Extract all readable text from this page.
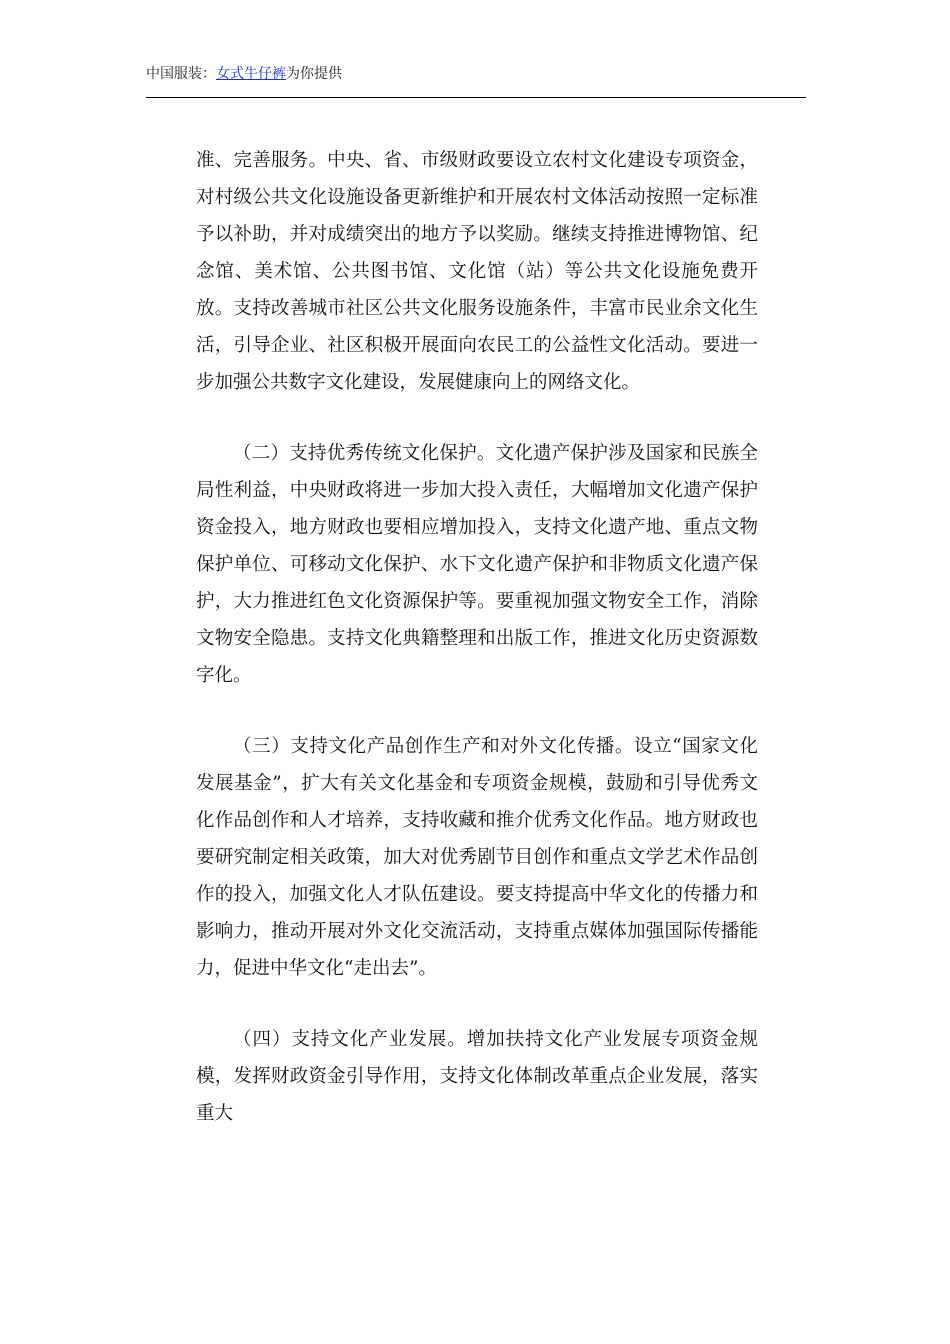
中国服装：女式牛仔裤为你提供

准、完善服务。中央、省、市级财政要设立农村文化建设专项资金，对村级公共文化设施设备更新维护和开展农村文体活动按照一定标准予以补助，并对成绩突出的地方予以奖励。继续支持推进博物馆、纪念馆、美术馆、公共图书馆、文化馆（站）等公共文化设施免费开放。支持改善城市社区公共文化服务设施条件，丰富市民业余文化生活，引导企业、社区积极开展面向农民工的公益性文化活动。要进一步加强公共数字文化建设，发展健康向上的网络文化。

（二）支持优秀传统文化保护。文化遗产保护涉及国家和民族全局性利益，中央财政将进一步加大投入责任，大幅增加文化遗产保护资金投入，地方财政也要相应增加投入，支持文化遗产地、重点文物保护单位、可移动文化保护、水下文化遗产保护和非物质文化遗产保护，大力推进红色文化资源保护等。要重视加强文物安全工作，消除文物安全隐患。支持文化典籍整理和出版工作，推进文化历史资源数字化。

（三）支持文化产品创作生产和对外文化传播。设立“国家文化发展基金”，扩大有关文化基金和专项资金规模，鼓励和引导优秀文化作品创作和人才培养，支持收藏和推介优秀文化作品。地方财政也要研究制定相关政策，加大对优秀剧节目创作和重点文学艺术作品创作的投入，加强文化人才队伍建设。要支持提高中华文化的传播力和影响力，推动开展对外文化交流活动，支持重点媒体加强国际传播能力，促进中华文化“走出去”。

（四）支持文化产业发展。增加扶持文化产业发展专项资金规模，发挥财政资金引导作用，支持文化体制改革重点企业发展，落实重大
